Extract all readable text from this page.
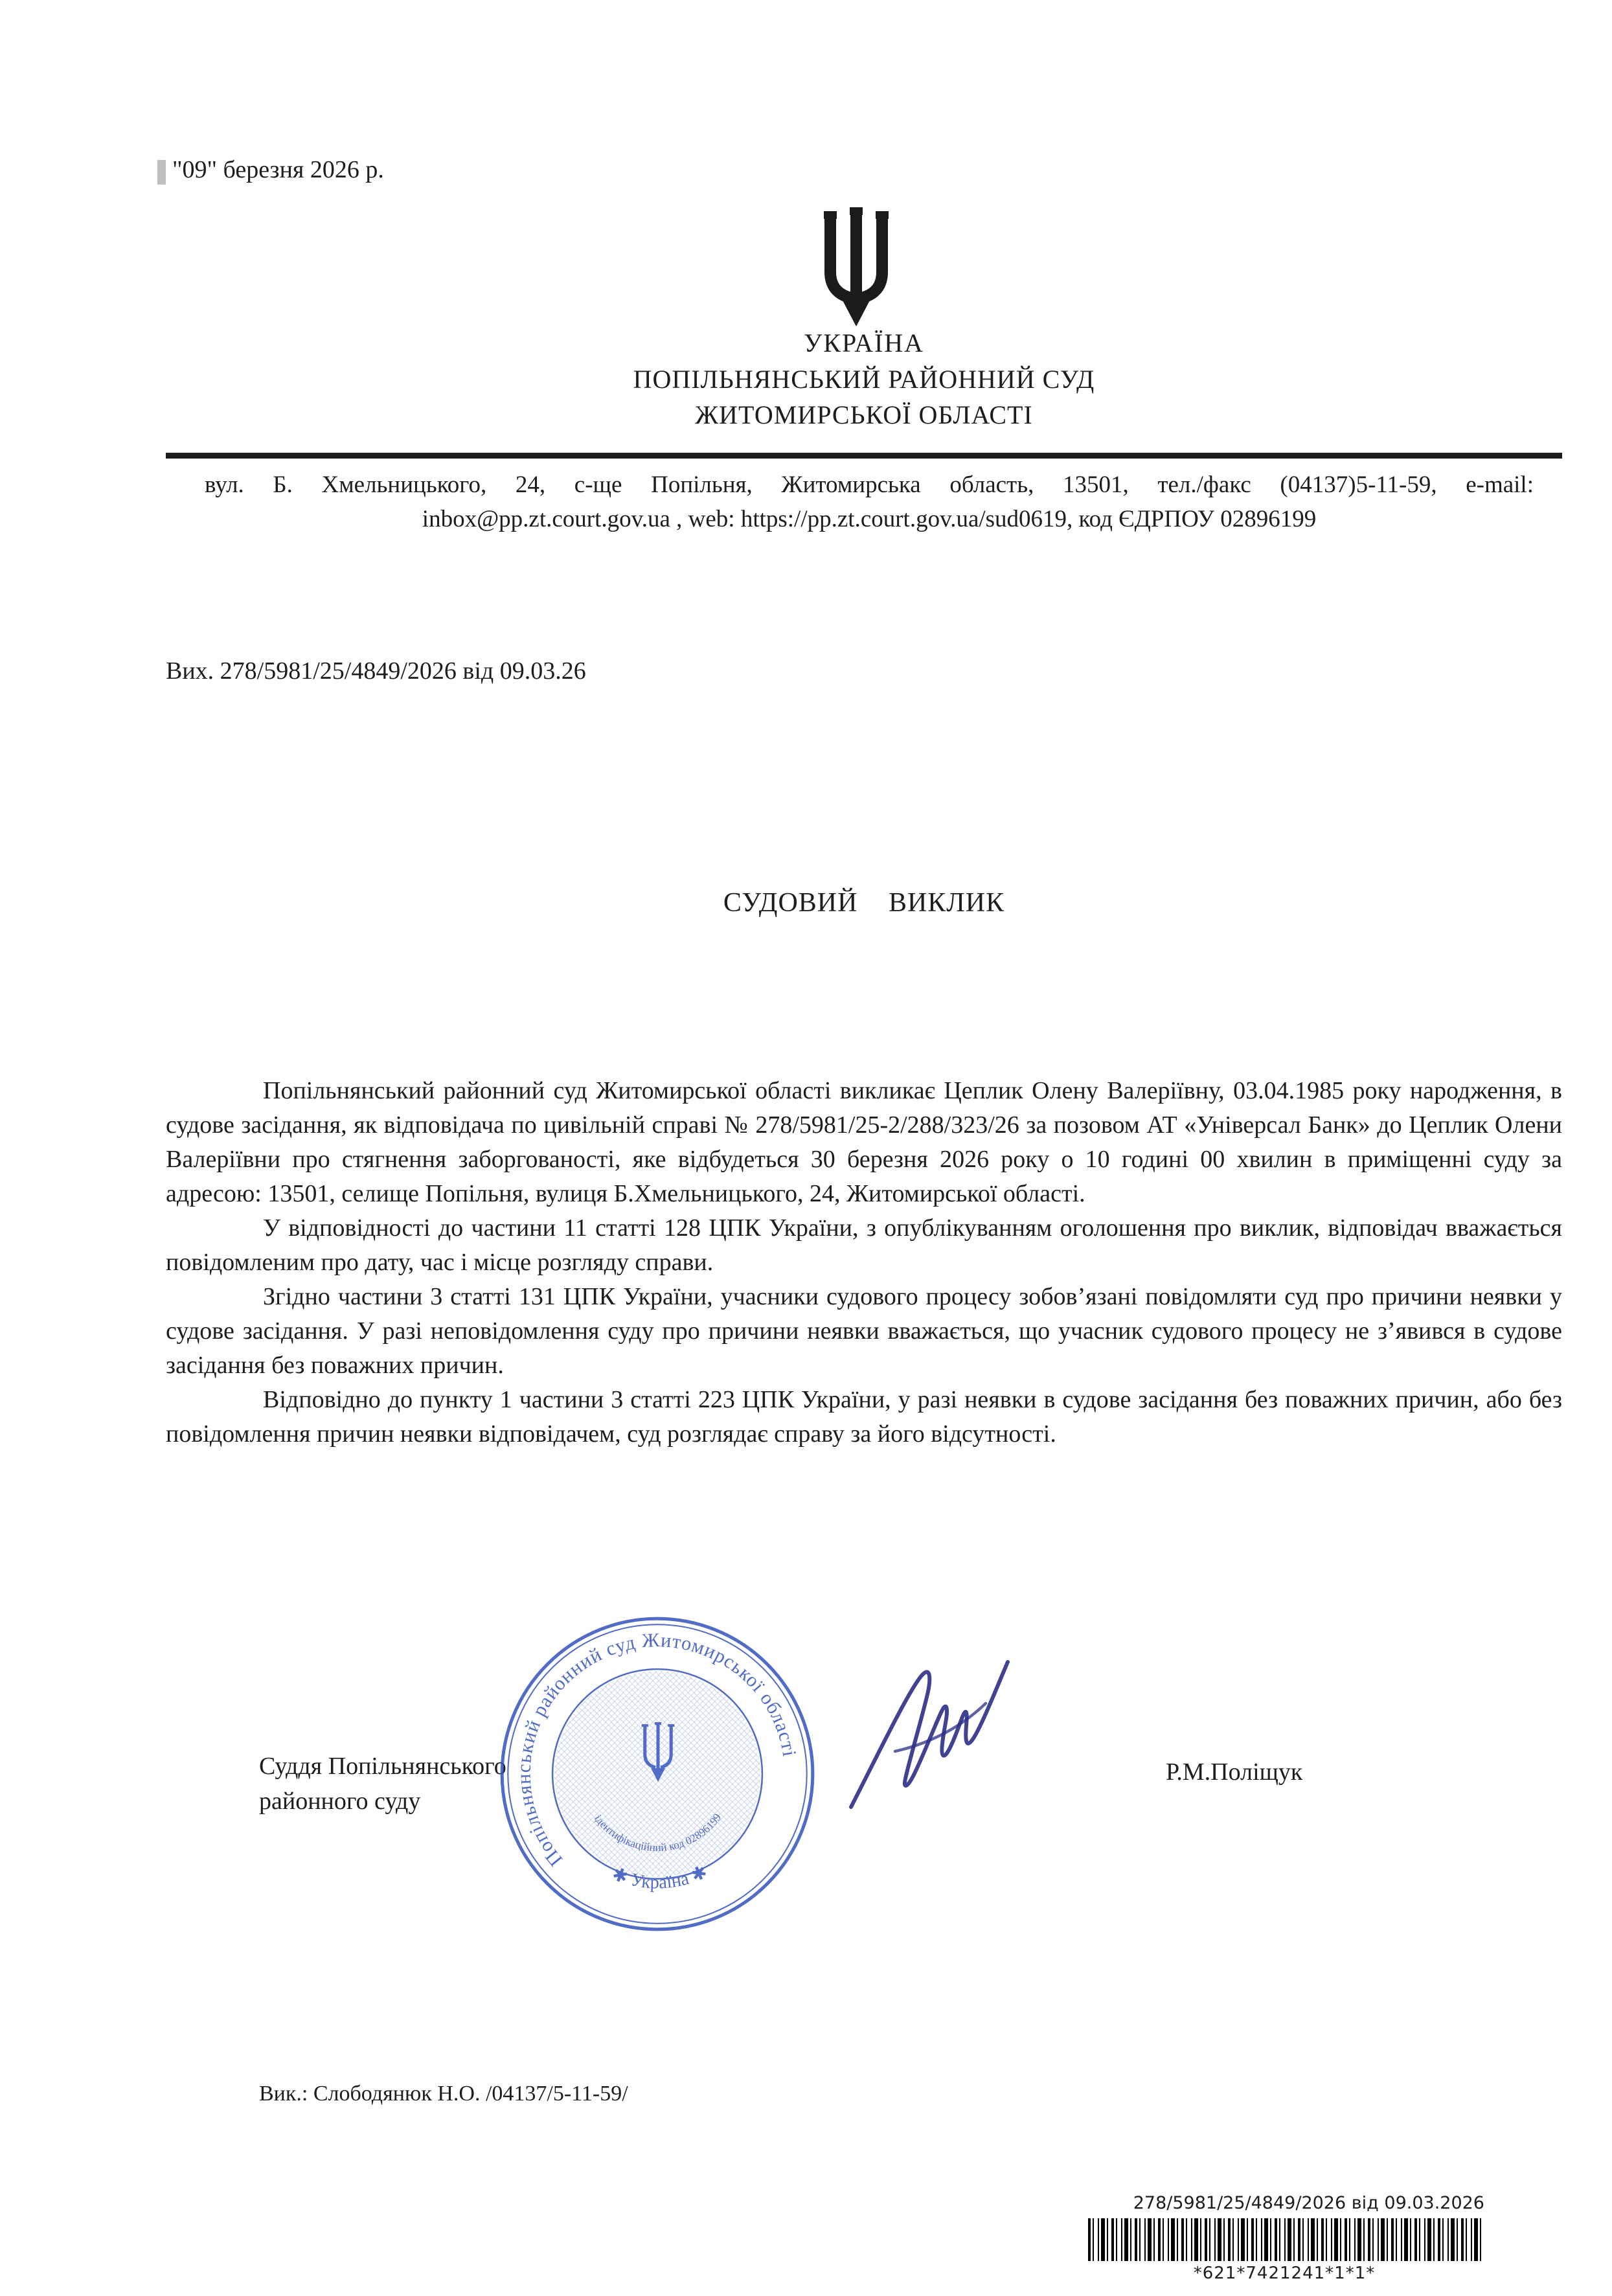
"09" березня 2026 р.
УКРАЇНА
ПОПІЛЬНЯНСЬКИЙ РАЙОННИЙ СУД
ЖИТОМИРСЬКОЇ ОБЛАСТІ
вул. Б. Хмельницького, 24, с-ще Попільня, Житомирська область, 13501, тел./факс (04137)5-11-59, e-mail: inbox@pp.zt.court.gov.ua , web: https://pp.zt.court.gov.ua/sud0619, код ЄДРПОУ 02896199
Вих. 278/5981/25/4849/2026 від 09.03.26
СУДОВИЙ ВИКЛИК

Попільнянський районний суд Житомирської області викликає Цеплик Олену Валеріївну, 03.04.1985 року народження, в судове засідання, як відповідача по цивільній справі № 278/5981/25-2/288/323/26 за позовом АТ «Універсал Банк» до Цеплик Олени Валеріївни про стягнення заборгованості, яке відбудеться 30 березня 2026 року о 10 годині 00 хвилин в приміщенні суду за адресою: 13501, селище Попільня, вулиця Б.Хмельницького, 24, Житомирської області.

У відповідності до частини 11 статті 128 ЦПК України, з опублікуванням оголошення про виклик, відповідач вважається повідомленим про дату, час і місце розгляду справи.

Згідно частини 3 статті 131 ЦПК України, учасники судового процесу зобов’язані повідомляти суд про причини неявки у судове засідання. У разі неповідомлення суду про причини неявки вважається, що учасник судового процесу не з’явився в судове засідання без поважних причин.

Відповідно до пункту 1 частини 3 статті 223 ЦПК України, у разі неявки в судове засідання без поважних причин, або без повідомлення причин неявки відповідачем, суд розглядає справу за його відсутності.

Суддя Попільнянського
районного суду
Р.М.Поліщук
Попільнянський районний суд Житомирської області
✱ Україна ✱
ідентифікаційний код 02896199
Вик.: Слободянюк Н.О. /04137/5-11-59/
278/5981/25/4849/2026 від 09.03.2026
*621*7421241*1*1*
